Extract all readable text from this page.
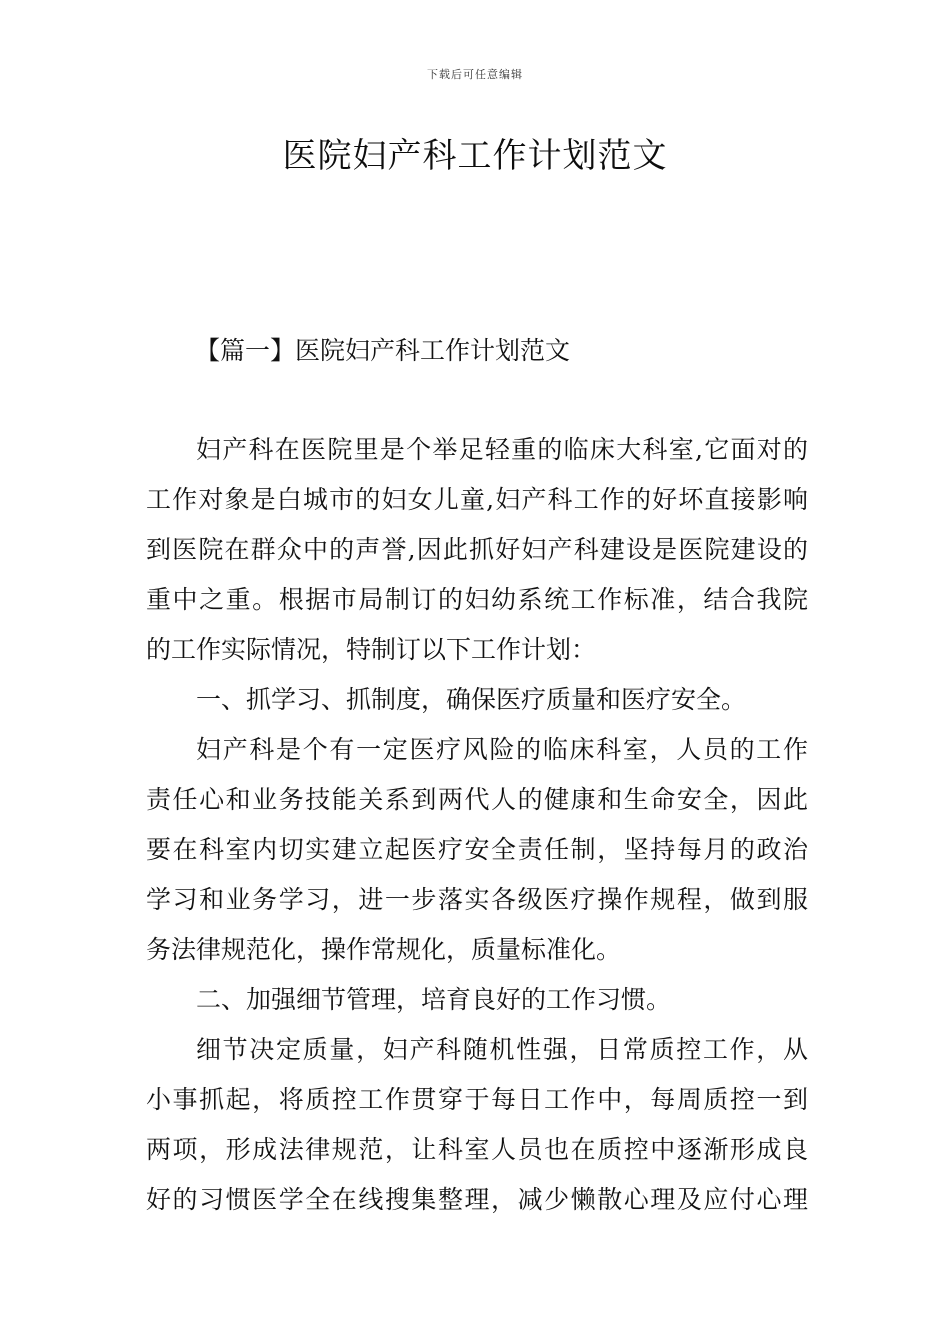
下载后可任意编辑
医院妇产科工作计划范文
【篇一】医院妇产科工作计划范文
妇产科在医院里是个举足轻重的临床大科室,它面对的
工作对象是白城市的妇女儿童,妇产科工作的好坏直接影响
到医院在群众中的声誉,因此抓好妇产科建设是医院建设的
重中之重。根据市局制订的妇幼系统工作标准，结合我院
的工作实际情况，特制订以下工作计划：
一、抓学习、抓制度，确保医疗质量和医疗安全。
妇产科是个有一定医疗风险的临床科室，人员的工作
责任心和业务技能关系到两代人的健康和生命安全，因此
要在科室内切实建立起医疗安全责任制，坚持每月的政治
学习和业务学习，进一步落实各级医疗操作规程，做到服
务法律规范化，操作常规化，质量标准化。
二、加强细节管理，培育良好的工作习惯。
细节决定质量，妇产科随机性强，日常质控工作，从
小事抓起，将质控工作贯穿于每日工作中，每周质控一到
两项，形成法律规范，让科室人员也在质控中逐渐形成良
好的习惯医学全在线搜集整理，减少懒散心理及应付心理
